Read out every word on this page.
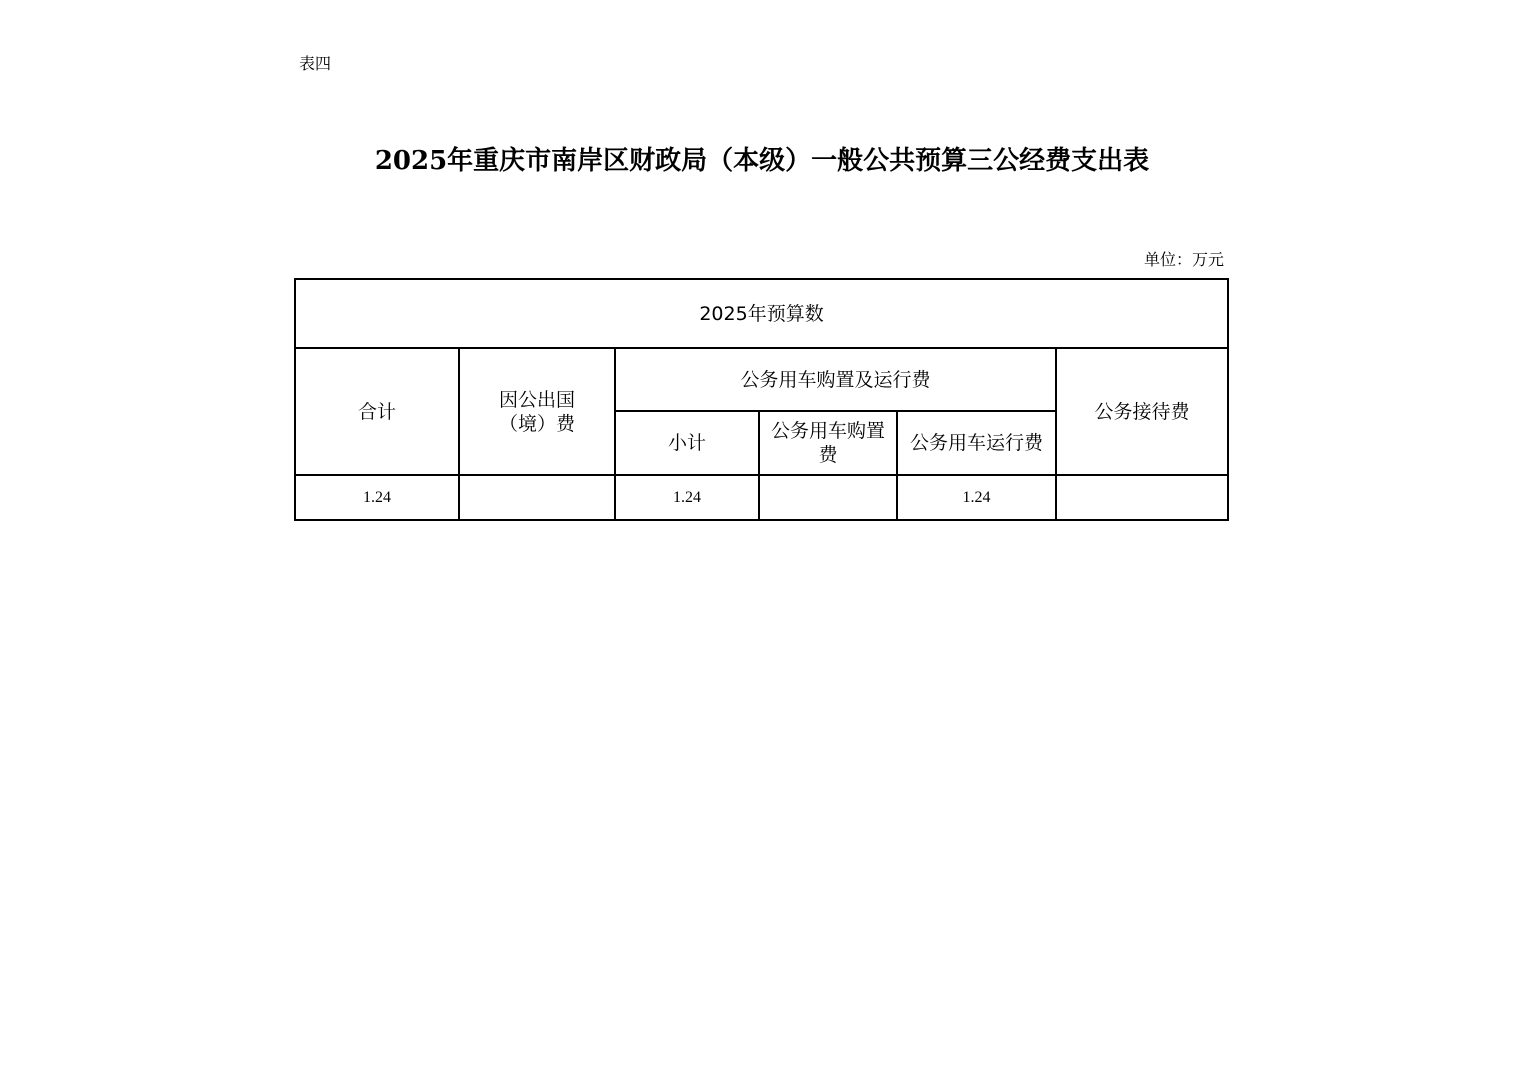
表四
2025年重庆市南岸区财政局（本级）一般公共预算三公经费支出表
单位：万元
2025年预算数					
合计	因公出国（境）费	公务用车购置及运行费			公务接待费
		小计	公务用车购置费	公务用车运行费	
1.24		1.24		1.24	
